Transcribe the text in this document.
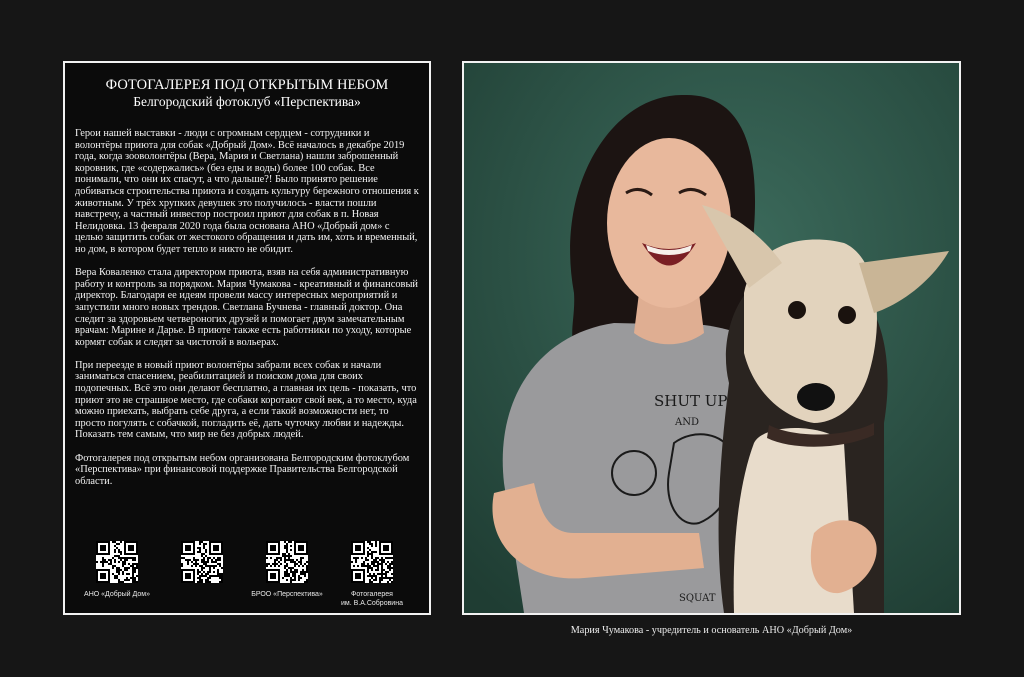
ФОТОГАЛЕРЕЯ ПОД ОТКРЫТЫМ НЕБОМ
Белгородский фотоклуб «Перспектива»

Герои нашей выставки - люди с огромным сердцем - сотрудники и волонтёры приюта для собак «Добрый Дом». Всё началось в декабре 2019 года, когда зооволонтёры (Вера, Мария и Светлана) нашли заброшенный коровник, где «содержались» (без еды и воды) более 100 собак. Все понимали, что они их спасут, а что дальше?! Было принято решение добиваться строительства приюта и создать культуру бережного отношения к животным. У трёх хрупких девушек это получилось - власти пошли навстречу, а частный инвестор построил приют для собак в п. Новая Нелидовка. 13 февраля 2020 года была основана АНО «Добрый дом» с целью защитить собак от жестокого обращения и дать им, хоть и временный, но дом, в котором будет тепло и никто не обидит.

Вера Коваленко стала директором приюта, взяв на себя административную работу и контроль за порядком. Мария Чумакова - креативный и финансовый директор. Благодаря ее идеям провели массу интересных мероприятий и запустили много новых трендов. Светлана Бучнева - главный доктор. Она следит за здоровьем четвероногих друзей и помогает двум замечательным врачам: Марине и Дарье. В приюте также есть работники по уходу, которые кормят собак и следят за чистотой в вольерах.

При переезде в новый приют волонтёры забрали всех собак и начали заниматься спасением, реабилитацией и поиском дома для своих подопечных. Всё это они делают бесплатно, а главная их цель - показать, что приют это не страшное место, где собаки коротают свой век, а то место, куда можно приехать, выбрать себе друга, а если такой возможности нет, то просто погулять с собачкой, погладить её, дать чуточку любви и надежды. Показать тем самым, что мир не без добрых людей.

Фотогалерея под открытым небом организована Белгородским фотоклубом «Перспектива» при финансовой поддержке Правительства Белгородской области.

АНО «Добрый Дом»	БРОО «Перспектива»	Фотогалерея
им. В.А.Собровина
SHUT UP
AND
SQUAT
Мария Чумакова - учредитель и основатель АНО «Добрый Дом»
